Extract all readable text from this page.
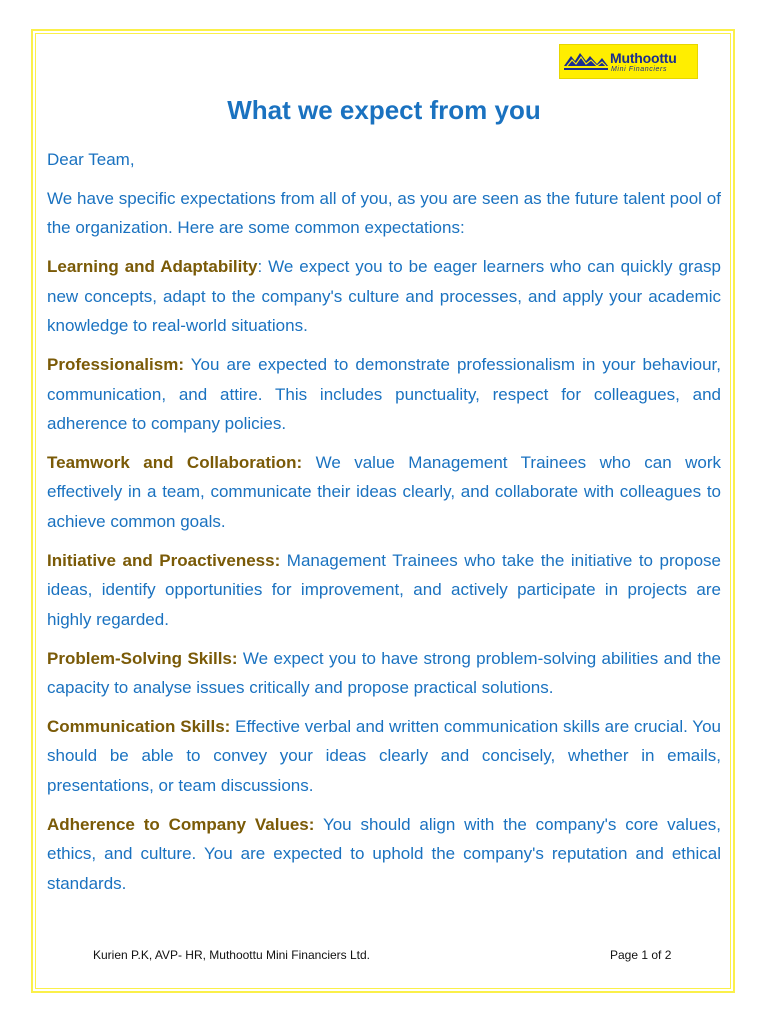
Muthoottu
Mini Financiers
What we expect from you

Dear Team,

We have specific expectations from all of you, as you are seen as the future talent pool of the organization. Here are some common expectations:

Learning and Adaptability: We expect you to be eager learners who can quickly grasp new concepts, adapt to the company's culture and processes, and apply your academic knowledge to real-world situations.

Professionalism: You are expected to demonstrate professionalism in your behaviour, communication, and attire. This includes punctuality, respect for colleagues, and adherence to company policies.

Teamwork and Collaboration: We value Management Trainees who can work effectively in a team, communicate their ideas clearly, and collaborate with colleagues to achieve common goals.

Initiative and Proactiveness: Management Trainees who take the initiative to propose ideas, identify opportunities for improvement, and actively participate in projects are highly regarded.

Problem-Solving Skills: We expect you to have strong problem-solving abilities and the capacity to analyse issues critically and propose practical solutions.

Communication Skills: Effective verbal and written communication skills are crucial. You should be able to convey your ideas clearly and concisely, whether in emails, presentations, or team discussions.

Adherence to Company Values: You should align with the company's core values, ethics, and culture. You are expected to uphold the company's reputation and ethical standards.

Kurien P.K, AVP- HR, Muthoottu Mini Financiers Ltd.	Page 1 of 2
